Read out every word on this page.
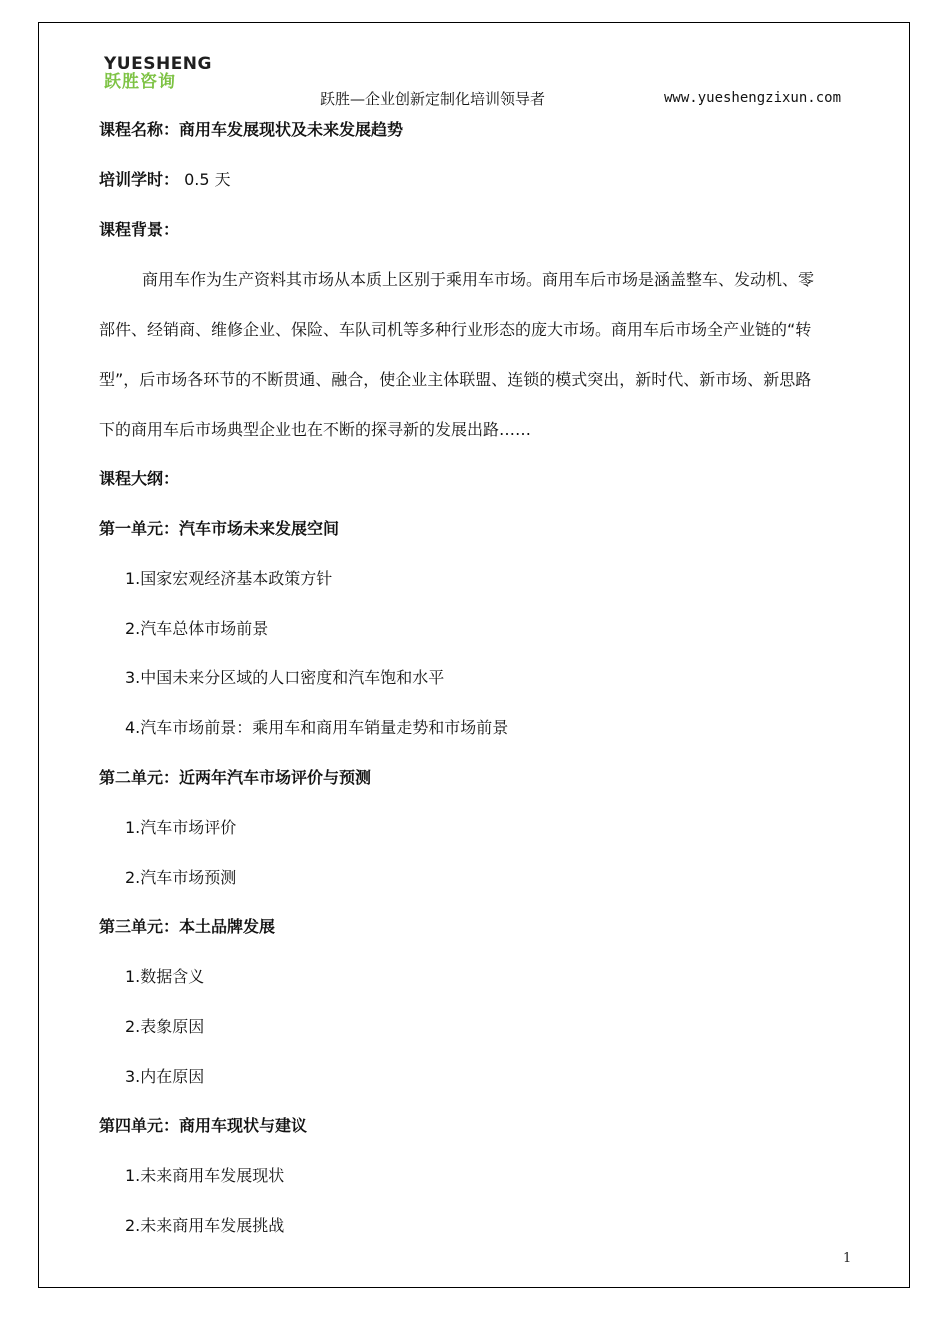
YUESHENG
跃胜咨询
跃胜—企业创新定制化培训领导者	www.yueshengzixun.com
课程名称：商用车发展现状及未来发展趋势
培训学时： 0.5 天
课程背景：
商用车作为生产资料其市场从本质上区别于乘用车市场。商用车后市场是涵盖整车、发动机、零
部件、经销商、维修企业、保险、车队司机等多种行业形态的庞大市场。商用车后市场全产业链的“转
型”，后市场各环节的不断贯通、融合，使企业主体联盟、连锁的模式突出，新时代、新市场、新思路
下的商用车后市场典型企业也在不断的探寻新的发展出路……
课程大纲：
第一单元：汽车市场未来发展空间
1.国家宏观经济基本政策方针
2.汽车总体市场前景
3.中国未来分区域的人口密度和汽车饱和水平
4.汽车市场前景：乘用车和商用车销量走势和市场前景
第二单元：近两年汽车市场评价与预测
1.汽车市场评价
2.汽车市场预测
第三单元：本土品牌发展
1.数据含义
2.表象原因
3.内在原因
第四单元：商用车现状与建议
1.未来商用车发展现状
2.未来商用车发展挑战
1
